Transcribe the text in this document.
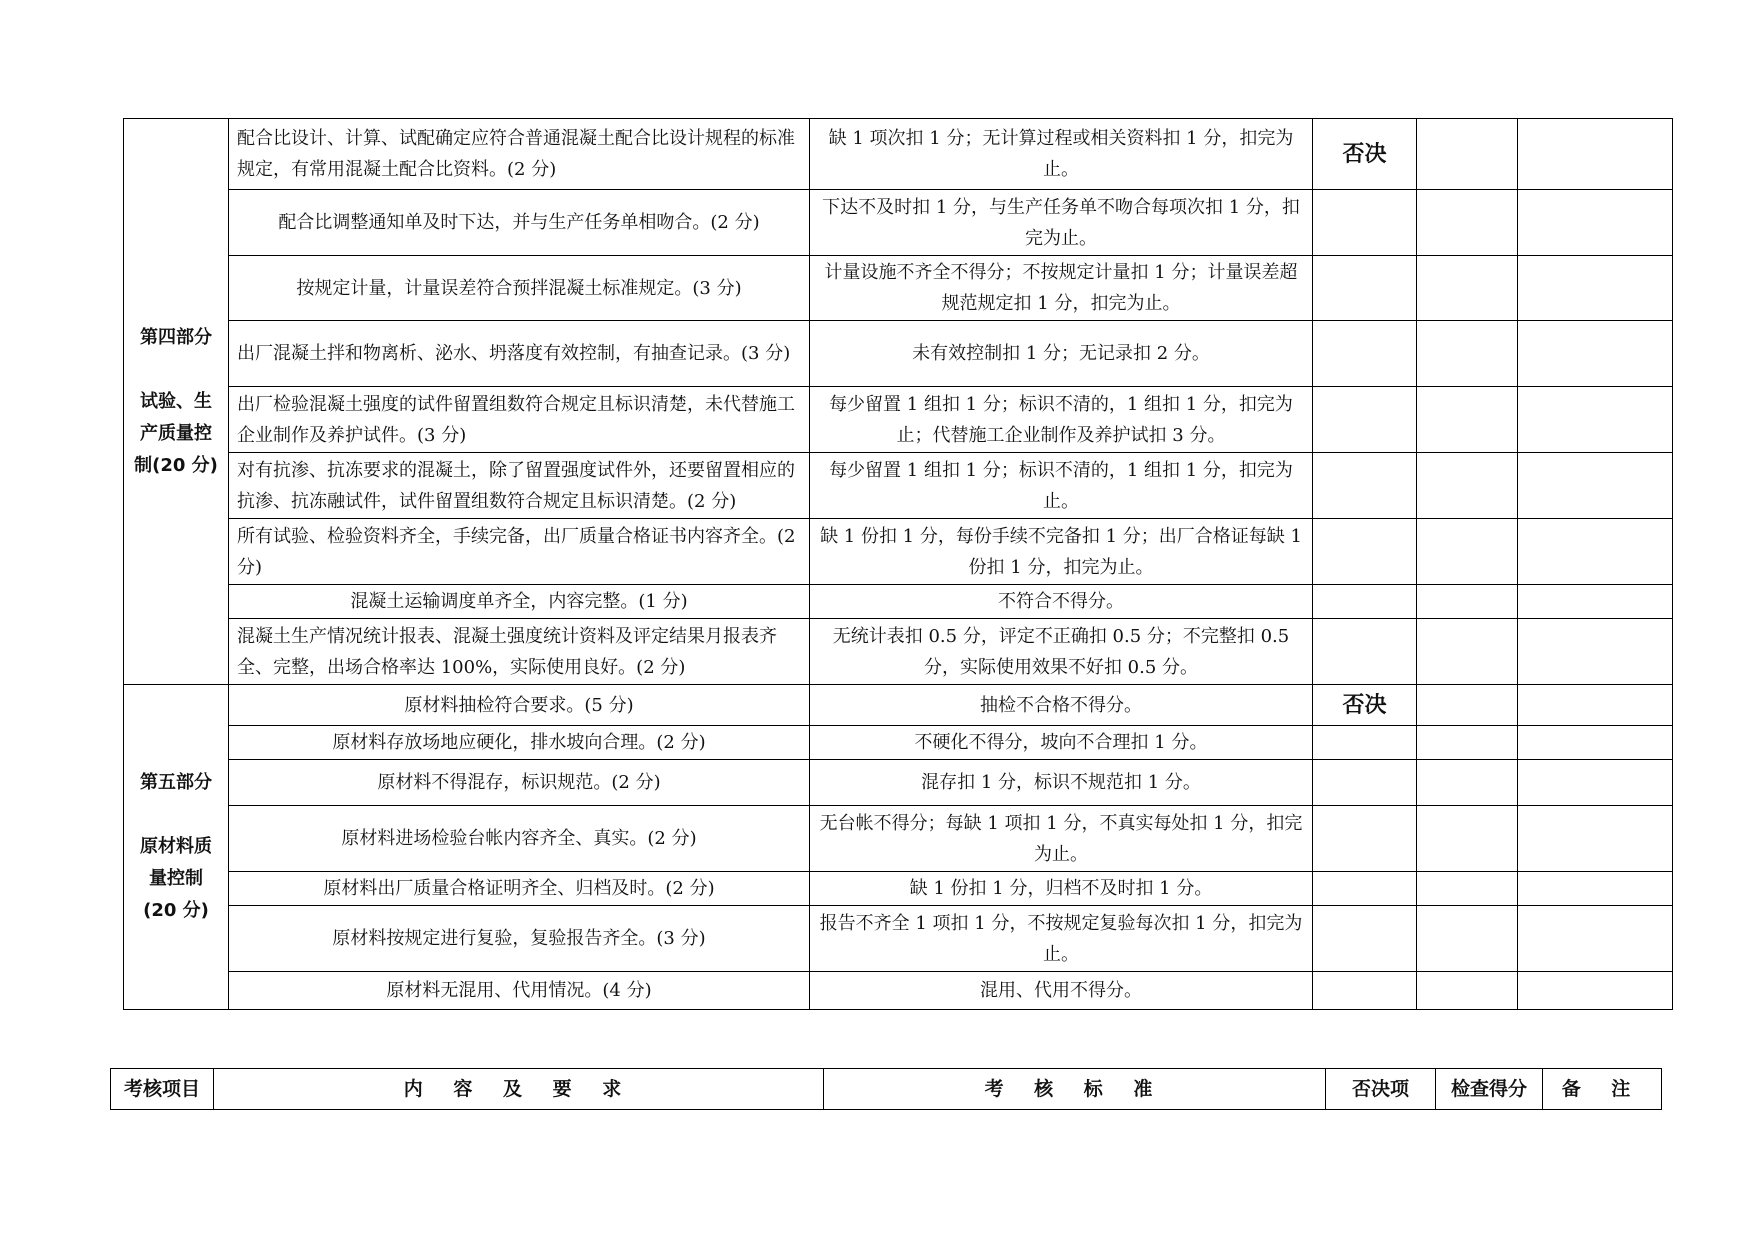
第四部分
试验、生
产质量控
制(20 分)	配合比设计、计算、试配确定应符合普通混凝土配合比设计规程的标准规定，有常用混凝土配合比资料。(2 分)	缺 1 项次扣 1 分；无计算过程或相关资料扣 1 分，扣完为止。	否决		
	配合比调整通知单及时下达，并与生产任务单相吻合。(2 分)	下达不及时扣 1 分，与生产任务单不吻合每项次扣 1 分，扣完为止。			
	按规定计量，计量误差符合预拌混凝土标准规定。(3 分)	计量设施不齐全不得分；不按规定计量扣 1 分；计量误差超规范规定扣 1 分，扣完为止。			
	出厂混凝土拌和物离析、泌水、坍落度有效控制，有抽查记录。(3 分)	未有效控制扣 1 分；无记录扣 2 分。			
	出厂检验混凝土强度的试件留置组数符合规定且标识清楚，未代替施工企业制作及养护试件。(3 分)	每少留置 1 组扣 1 分；标识不清的，1 组扣 1 分，扣完为止；代替施工企业制作及养护试扣 3 分。			
	对有抗渗、抗冻要求的混凝土，除了留置强度试件外，还要留置相应的抗渗、抗冻融试件，试件留置组数符合规定且标识清楚。(2 分)	每少留置 1 组扣 1 分；标识不清的，1 组扣 1 分，扣完为止。			
	所有试验、检验资料齐全，手续完备，出厂质量合格证书内容齐全。(2 分)	缺 1 份扣 1 分，每份手续不完备扣 1 分；出厂合格证每缺 1 份扣 1 分，扣完为止。			
	混凝土运输调度单齐全，内容完整。(1 分)	不符合不得分。			
	混凝土生产情况统计报表、混凝土强度统计资料及评定结果月报表齐全、完整，出场合格率达 100%，实际使用良好。(2 分)	无统计表扣 0.5 分，评定不正确扣 0.5 分；不完整扣 0.5 分，实际使用效果不好扣 0.5 分。			

第五部分
原材料质
量控制
(20 分)	原材料抽检符合要求。(5 分)	抽检不合格不得分。	否决		
	原材料存放场地应硬化，排水坡向合理。(2 分)	不硬化不得分，坡向不合理扣 1 分。			
	原材料不得混存，标识规范。(2 分)	混存扣 1 分，标识不规范扣 1 分。			
	原材料进场检验台帐内容齐全、真实。(2 分)	无台帐不得分；每缺 1 项扣 1 分，不真实每处扣 1 分，扣完为止。			
	原材料出厂质量合格证明齐全、归档及时。(2 分)	缺 1 份扣 1 分，归档不及时扣 1 分。			
	原材料按规定进行复验，复验报告齐全。(3 分)	报告不齐全 1 项扣 1 分，不按规定复验每次扣 1 分，扣完为止。			
	原材料无混用、代用情况。(4 分)	混用、代用不得分。			
考核项目	内 容 及 要 求	考 核 标 准	否决项	检查得分	备 注
